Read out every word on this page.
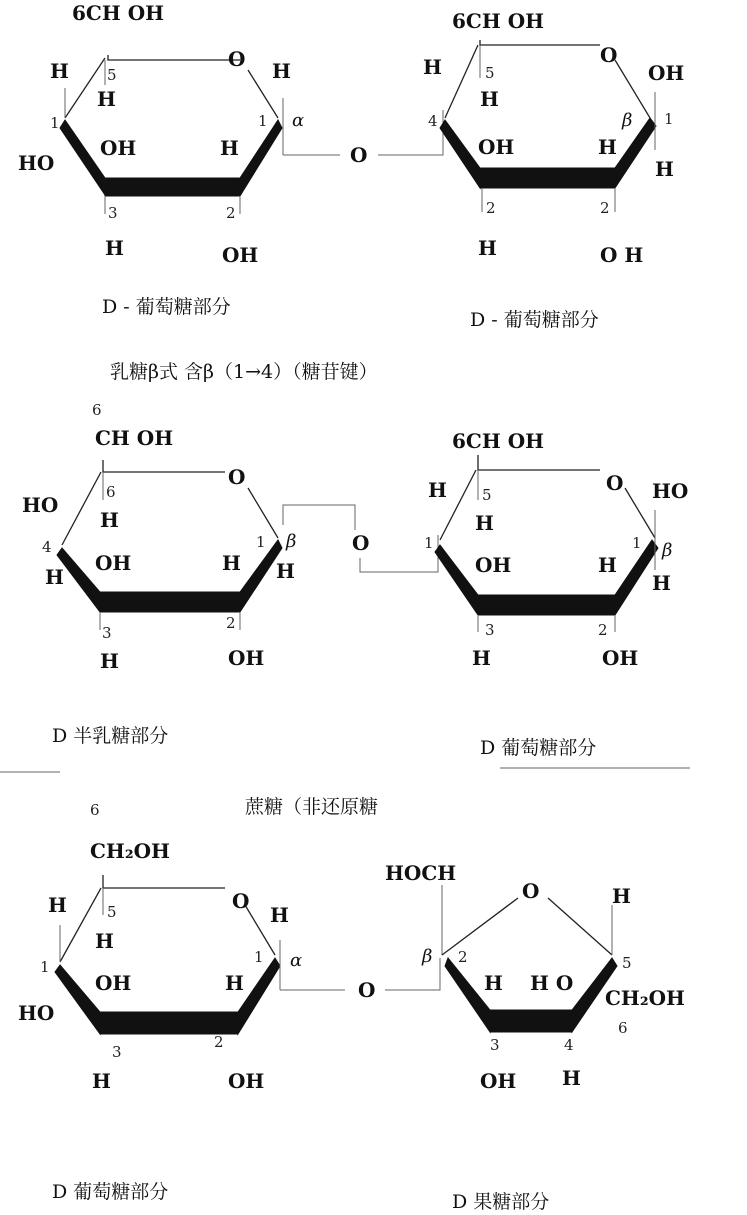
6CH OH
O
H	5
H
H
1	1 α
HO
OH	H
3	2
H	OH
O
6CH OH
O
H	5
H
OH
4	β 1
OH	H
H
2	2
H	O H
D - 葡萄糖部分
D - 葡萄糖部分
乳糖β式 含β（1→4）（糖苷键）
6
CH OH
O
HO
6
H
4	1 β
OH	H H
H
3
2
H	OH
O
6CH OH
O
H 5
H
HO
1	1 β
OH	H
H
3	2
H	OH
D 半乳糖部分
D 葡萄糖部分
蔗糖（非还原糖
6
CH₂OH
O
H	5
H
H
1
1 α
OH	H
HO
3
2
H	OH
O
HOCH
O	H
β 2	5
H H O
CH₂OH
6
3	4
OH H
D 葡萄糖部分	D 果糖部分
